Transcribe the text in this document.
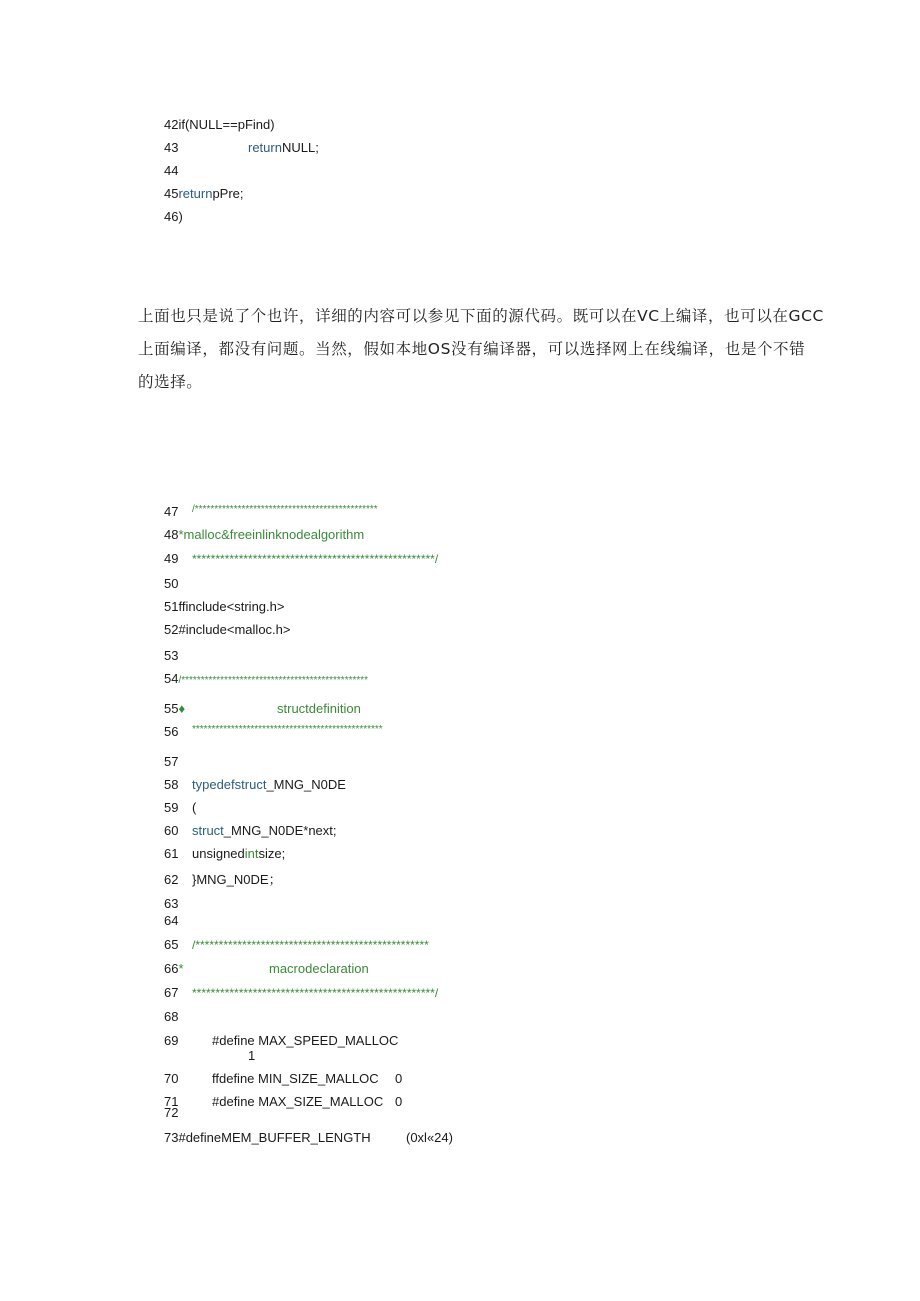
42if(NULL==pFind)
43	returnNULL;
44
45returnpPre;
46)
上面也只是说了个也许，详细的内容可以参见下面的源代码。既可以在VC上编译，也可以在GCC
上面编译，都没有问题。当然，假如本地OS没有编译器，可以选择网上在线编译，也是个不错
的选择。
47 /***********************************************
48*malloc&freeinlinknodealgorithm
49 ****************************************************/
50
51ffinclude<string.h>
52#include<malloc.h>
53
54/************************************************
55♦	structdefinition
56 *************************************************
57
58 typedefstruct_MNG_N0DE
59 (
60 struct_MNG_N0DE*next;
61 unsignedintsize;
62 }MNG_N0DE；
63
64
65 /**************************************************
66*	macrodeclaration
67 ****************************************************/
68
69	#define MAX_SPEED_MALLOC
1
70	ffdefine MIN_SIZE_MALLOC 0
71	#define MAX_SIZE_MALLOC 0
72
73#defineMEM_BUFFER_LENGTH	(0xl«24)
